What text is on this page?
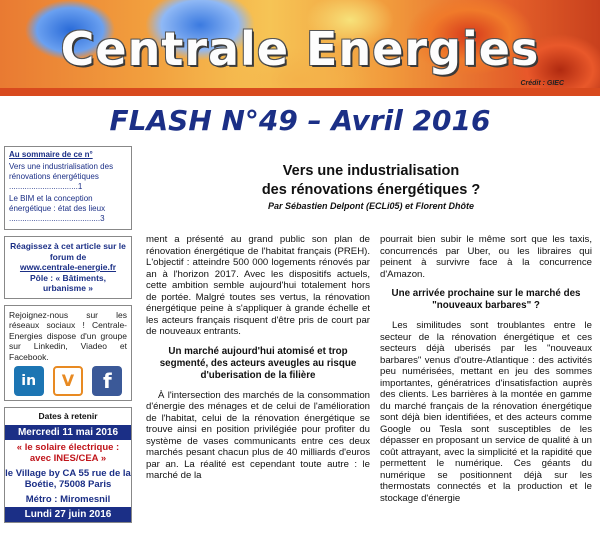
Centrale Energies
Crédit : GIEC
FLASH N°49 – Avril 2016
Au sommaire de ce n°
Vers une industrialisation des rénovations énergétiques ...............................1
Le BIM et la conception énergétique : état des lieux .........................................3
Réagissez à cet article sur le forum de
www.centrale-energie.fr
Pôle : « Bâtiments, urbanisme »
Rejoignez-nous sur les réseaux sociaux ! Centrale-Energies dispose d'un groupe sur Linkedin, Viadeo et Facebook.
in	V	f
Dates à retenir
Mercredi 11 mai 2016
« le solaire électrique : avec INES/CEA »
le Village by CA 55 rue de la Boétie, 75008 Paris
Métro : Miromesnil
Lundi 27 juin 2016
Vers une industrialisation
des rénovations énergétiques ?
Par Sébastien Delpont (ECLi05) et Florent Dhôte

ment a présenté au grand public son plan de rénovation énergétique de l'habitat français (PREH). L'objectif : atteindre 500 000 logements rénovés par an à l'horizon 2017. Avec les dispositifs actuels, cette ambition semble aujourd'hui totalement hors de portée. Malgré toutes ses vertus, la rénovation énergétique peine à s'appliquer à grande échelle et les acteurs français risquent d'être pris de court par de nouveaux entrants.

Un marché aujourd'hui atomisé et trop segmenté, des acteurs aveugles au risque d'uberisation de la filière

À l'intersection des marchés de la consommation d'énergie des ménages et de celui de l'amélioration de l'habitat, celui de la rénovation énergétique se trouve ainsi en position privilégiée pour profiter du système de vases communicants entre ces deux marchés pesant chacun plus de 40 milliards d'euros par an. La réalité est cependant toute autre : le marché de la

pourrait bien subir le même sort que les taxis, concurrencés par Uber, ou les libraires qui peinent à survivre face à la concurrence d'Amazon.

Une arrivée prochaine sur le marché des "nouveaux barbares" ?

Les similitudes sont troublantes entre le secteur de la rénovation énergétique et ces secteurs déjà uberisés par les "nouveaux barbares" venus d'outre-Atlantique : des activités peu numérisées, mettant en jeu des sommes importantes, génératrices d'insatisfaction auprès des clients. Les barrières à la montée en gamme du marché français de la rénovation énergétique sont déjà bien identifiées, et des acteurs comme Google ou Tesla sont susceptibles de les dépasser en proposant un service de qualité à un coût attrayant, avec la simplicité et la rapidité que permettent le numérique. Ces géants du numérique se positionnent déjà sur les thermostats connectés et la production et le stockage d'énergie
